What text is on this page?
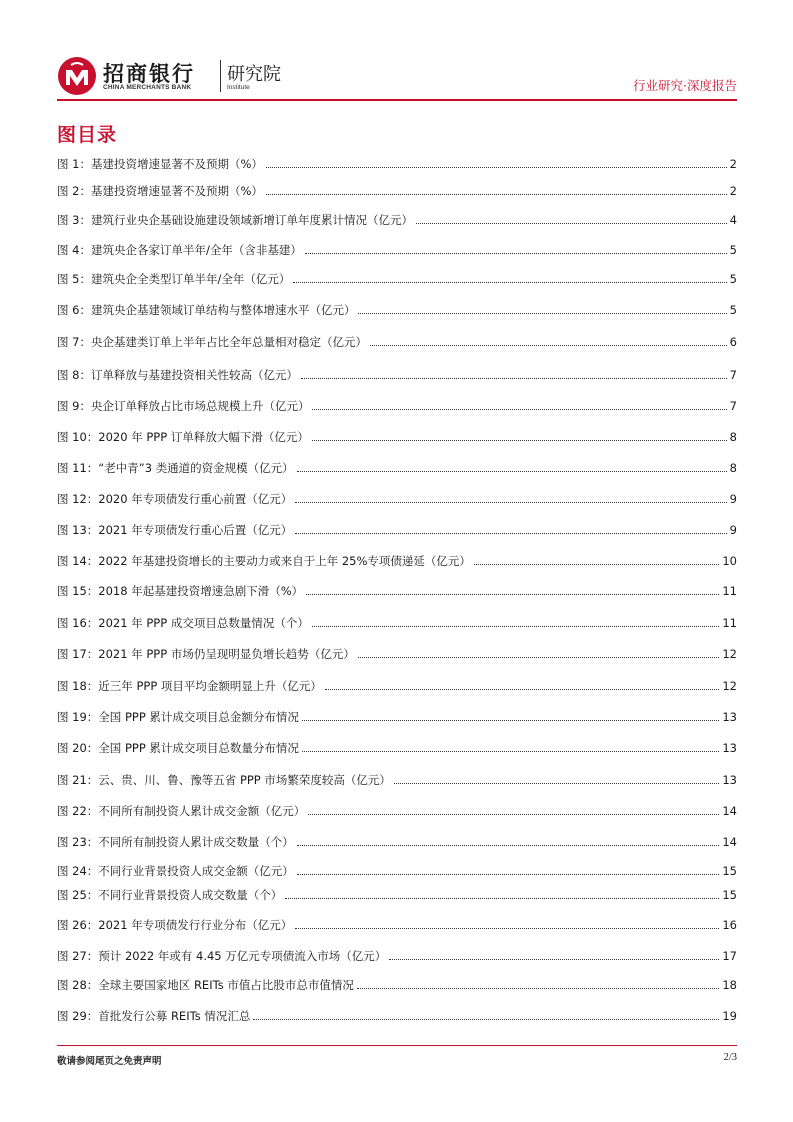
招商银行
CHINA MERCHANTS BANK
研究院
Institute	行业研究·深度报告
图目录
图 1：基建投资增速显著不及预期（%）	2
图 2：基建投资增速显著不及预期（%）	2
图 3：建筑行业央企基础设施建设领域新增订单年度累计情况（亿元）	4
图 4：建筑央企各家订单半年/全年（含非基建）	5
图 5：建筑央企全类型订单半年/全年（亿元）	5
图 6：建筑央企基建领域订单结构与整体增速水平（亿元）	5
图 7：央企基建类订单上半年占比全年总量相对稳定（亿元）	6
图 8：订单释放与基建投资相关性较高（亿元）	7
图 9：央企订单释放占比市场总规模上升（亿元）	7
图 10：2020 年 PPP 订单释放大幅下滑（亿元）	8
图 11：“老中青”3 类通道的资金规模（亿元）	8
图 12：2020 年专项债发行重心前置（亿元）	9
图 13：2021 年专项债发行重心后置（亿元）	9
图 14：2022 年基建投资增长的主要动力或来自于上年 25%专项债递延（亿元）	10
图 15：2018 年起基建投资增速急剧下滑（%）	11
图 16：2021 年 PPP 成交项目总数量情况（个）	11
图 17：2021 年 PPP 市场仍呈现明显负增长趋势（亿元）	12
图 18：近三年 PPP 项目平均金额明显上升（亿元）	12
图 19：全国 PPP 累计成交项目总金额分布情况	13
图 20：全国 PPP 累计成交项目总数量分布情况	13
图 21：云、贵、川、鲁、豫等五省 PPP 市场繁荣度较高（亿元）	13
图 22：不同所有制投资人累计成交金额（亿元）	14
图 23：不同所有制投资人累计成交数量（个）	14
图 24：不同行业背景投资人成交金额（亿元）	15
图 25：不同行业背景投资人成交数量（个）	15
图 26：2021 年专项债发行行业分布（亿元）	16
图 27：预计 2022 年或有 4.45 万亿元专项债流入市场（亿元）	17
图 28：全球主要国家地区 REITs 市值占比股市总市值情况	18
图 29：首批发行公募 REITs 情况汇总	19
敬请参阅尾页之免责声明	2/3
